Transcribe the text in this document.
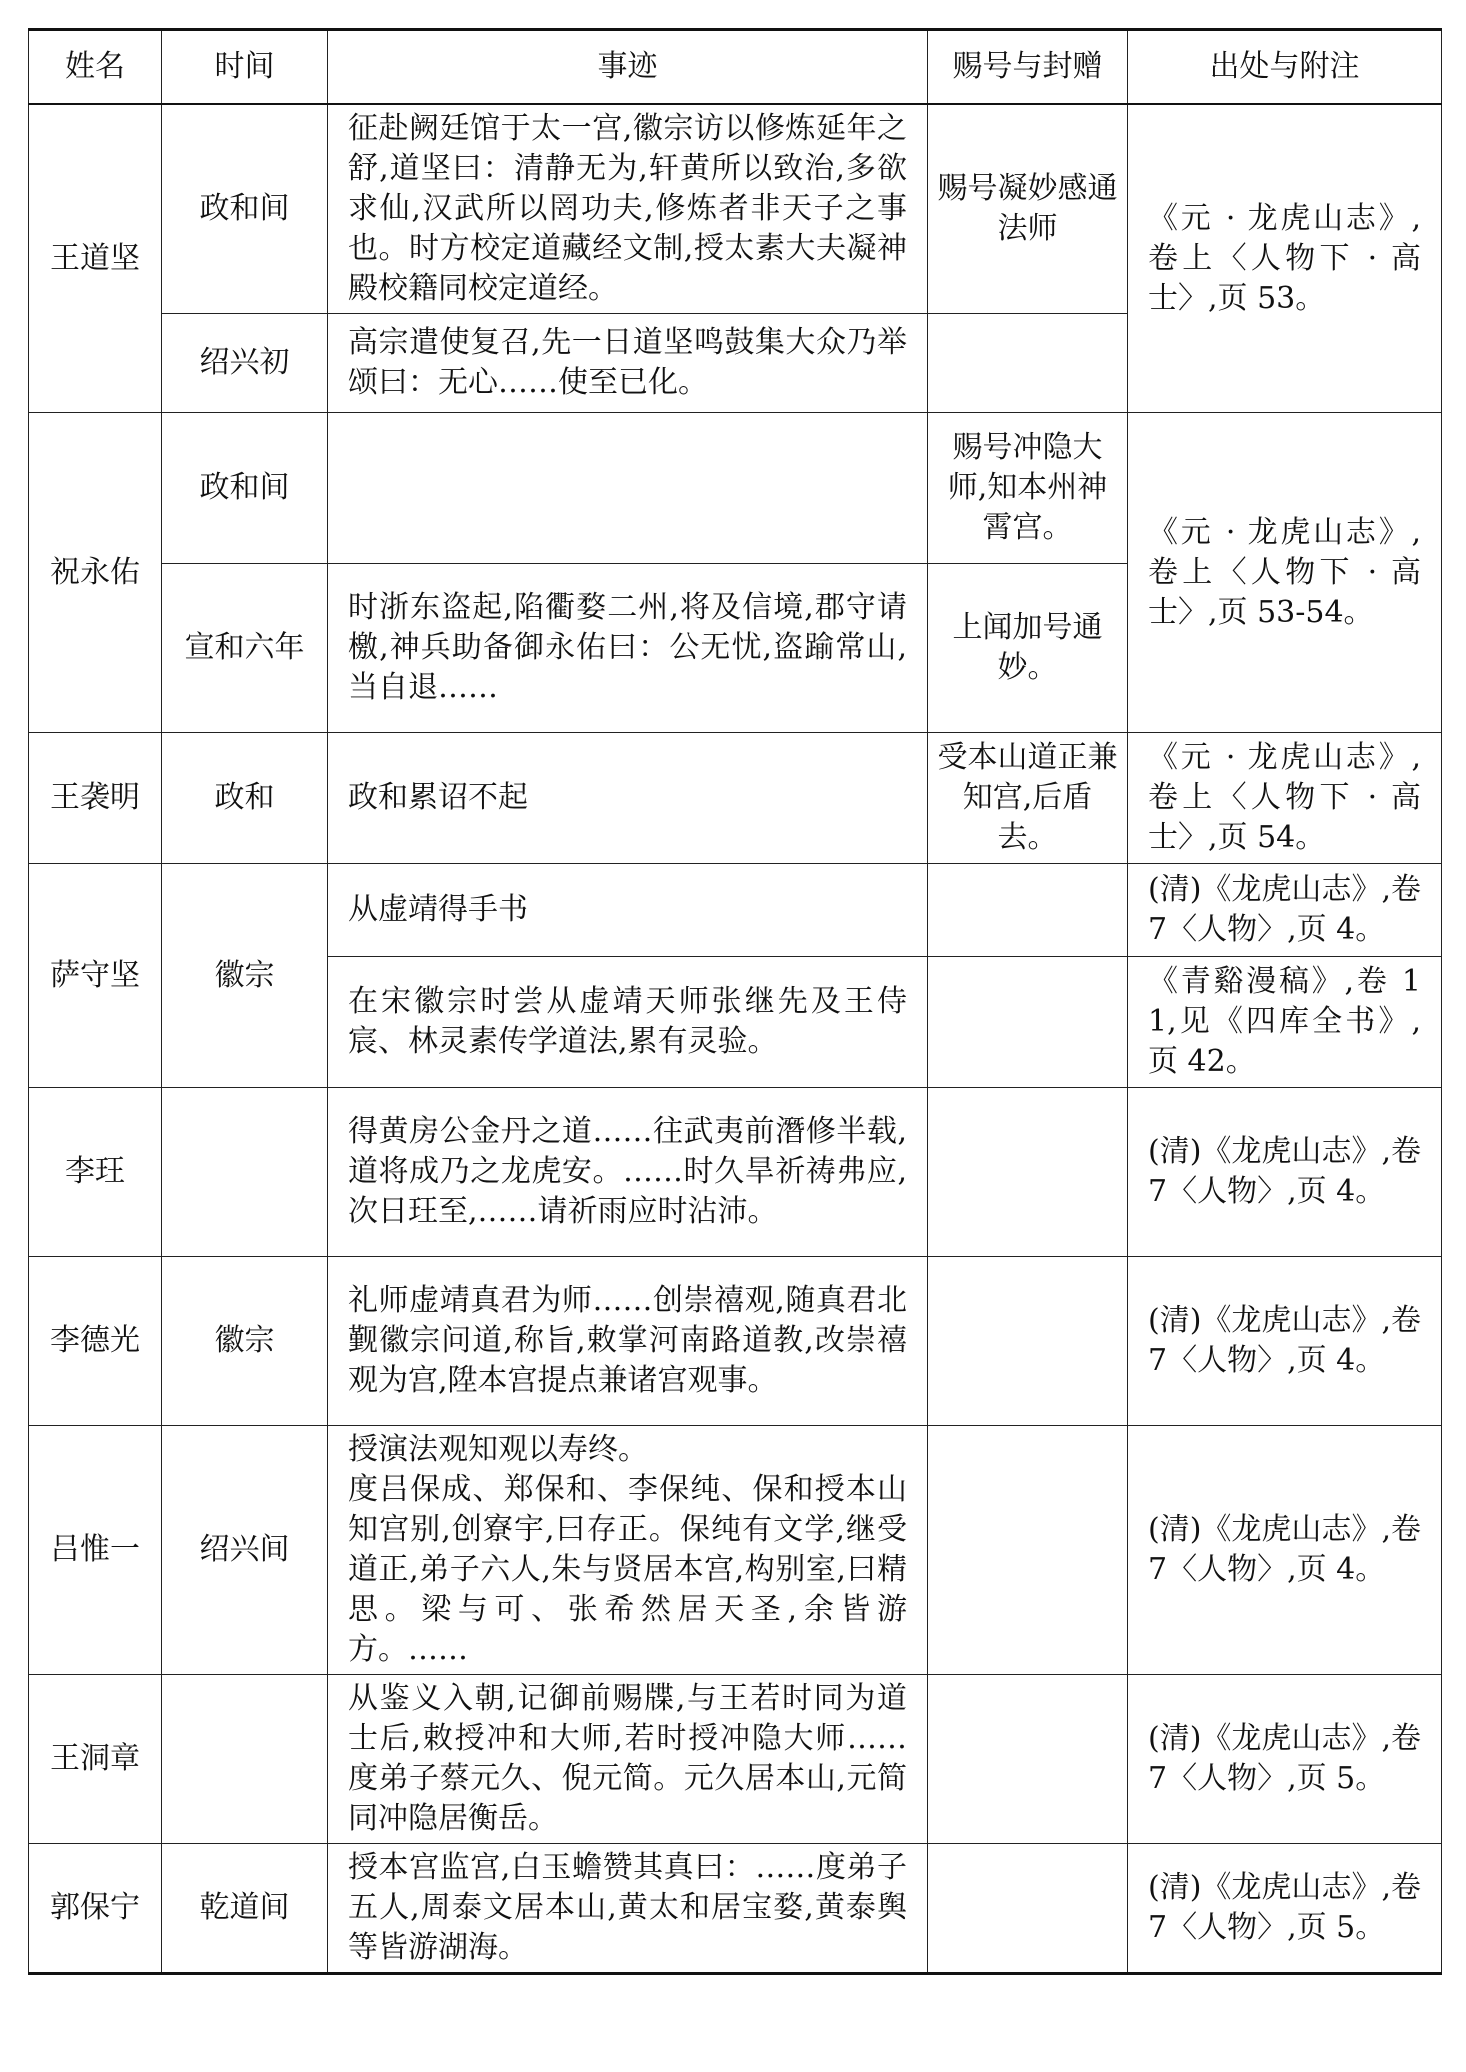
姓名	时间	事迹	赐号与封赠	出处与附注
王道坚	政和间	征赴阙廷馆于太一宫,徽宗访以修炼延年之舒,道坚曰：清静无为,轩黄所以致治,多欲求仙,汉武所以罔功夫,修炼者非天子之事也。时方校定道藏经文制,授太素大夫凝神殿校籍同校定道经。	赐号凝妙感通法师	《元 · 龙虎山志》,卷上〈人物下 · 高士〉,页 53。
	绍兴初	高宗遣使复召,先一日道坚鸣鼓集大众乃举颂曰：无心……使至已化。		
祝永佑	政和间		赐号冲隐大师,知本州神霄宫。	《元 · 龙虎山志》,卷上〈人物下 · 高士〉,页 53-54。
	宣和六年	时浙东盗起,陷衢婺二州,将及信境,郡守请檄,神兵助备御永佑曰：公无忧,盗踰常山,当自退……	上闻加号通妙。	
王袭明	政和	政和累诏不起	受本山道正兼知宫,后盾去。	《元 · 龙虎山志》,卷上〈人物下 · 高士〉,页 54。
萨守坚	徽宗	从虚靖得手书		(清)《龙虎山志》,卷 7〈人物〉,页 4。
		在宋徽宗时尝从虚靖天师张继先及王侍宸、林灵素传学道法,累有灵验。		《青谿漫稿》,卷 11,见《四库全书》,页 42。
李玨		得黄房公金丹之道……往武夷前潛修半载,道将成乃之龙虎安。……时久旱祈祷弗应,次日玨至,……请祈雨应时沾沛。		(清)《龙虎山志》,卷 7〈人物〉,页 4。
李德光	徽宗	礼师虚靖真君为师……创崇禧观,随真君北觐徽宗问道,称旨,敕掌河南路道教,改崇禧观为宫,陞本宫提点兼诸宫观事。		(清)《龙虎山志》,卷 7〈人物〉,页 4。
吕惟一	绍兴间	授演法观知观以寿终。
度吕保成、郑保和、李保纯、保和授本山知宫别,创寮宇,曰存正。保纯有文学,继受道正,弟子六人,朱与贤居本宫,构别室,曰精思。梁与可、张希然居天圣,余皆游方。……		(清)《龙虎山志》,卷 7〈人物〉,页 4。
王洞章		从鉴义入朝,记御前赐牒,与王若时同为道士后,敕授冲和大师,若时授冲隐大师……度弟子蔡元久、倪元简。元久居本山,元简同冲隐居衡岳。		(清)《龙虎山志》,卷 7〈人物〉,页 5。
郭保宁	乾道间	授本宫监宫,白玉蟾赞其真曰：……度弟子五人,周泰文居本山,黄太和居宝婺,黄泰舆等皆游湖海。		(清)《龙虎山志》,卷 7〈人物〉,页 5。
